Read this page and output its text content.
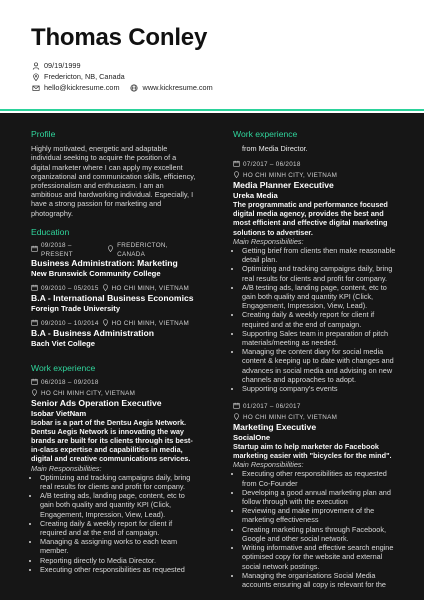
Thomas Conley
09/19/1999
Fredericton, NB, Canada
hello@kickresume.com	www.kickresume.com
Profile

Highly motivated, energetic and adaptable individual seeking to acquire the position of a digital marketer where I can apply my excellent organizational and communication skills, efficiency, professionalism and enthusiasm. I am an ambitious and hardworking individual. Especially, I have a strong passion for marketing and photography.

Education
09/2018 – PRESENT
FREDERICTON, CANADA
Business Administration: Marketing
New Brunswick Community College
09/2010 – 05/2015 HO CHI MINH, VIETNAM
B.A - International Business Economics
Foreign Trade University
09/2010 – 10/2014 HO CHI MINH, VIETNAM
B.A - Business Administration
Bach Viet College
Work experience
06/2018 – 09/2018
HO CHI MINH CITY, VIETNAM
Senior Ads Operation Executive
Isobar VietNam
Isobar is a part of the Dentsu Aegis Network. Dentsu Aegis Network is innovating the way brands are built for its clients through its best-in-class expertise and capabilities in media, digital and creative communications services.
Main Responsibilities:
• Optimizing and tracking campaigns daily, bring real results for clients and profit for company.
• A/B testing ads, landing page, content, etc to gain both quality and quantity KPI (Click, Engagement, Impression, View, Lead).
• Creating daily & weekly report for client if required and at the end of campaign.
• Managing & assigning works to each team member.
• Reporting directly to Media Director.
• Executing other responsibilities as requested
Work experience
from Media Director.
07/2017 – 06/2018
HO CHI MINH CITY, VIETNAM
Media Planner Executive
Ureka Media
The programmatic and performance focused digital media agency, provides the best and most efficient and effective digital marketing solutions to advertiser.
Main Responsibilities:
• Getting brief from clients then make reasonable detail plan.
• Optimizing and tracking campaigns daily, bring real results for clients and profit for company.
• A/B testing ads, landing page, content, etc to gain both quality and quantity KPI (Click, Engagement, Impression, View, Lead).
• Creating daily & weekly report for client if required and at the end of campaign.
• Supporting Sales team in preparation of pitch materials/meeting as needed.
• Managing the content diary for social media content & keeping up to date with changes and advances in social media and advising on new channels and approaches to adopt.
• Supporting company's events
01/2017 – 06/2017
HO CHI MINH CITY, VIETNAM
Marketing Executive
SocialOne
Startup aim to help marketer do Facebook marketing easier with "bicycles for the mind".
Main Responsibilities:
• Executing other responsibilities as requested from Co-Founder
• Developing a good annual marketing plan and follow through with the execution
• Reviewing and make improvement of the marketing effectiveness
• Creating marketing plans through Facebook, Google and other social network.
• Writing informative and effective search engine optimised copy for the website and external social network postings.
• Managing the organisations Social Media accounts ensuring all copy is relevant for the
